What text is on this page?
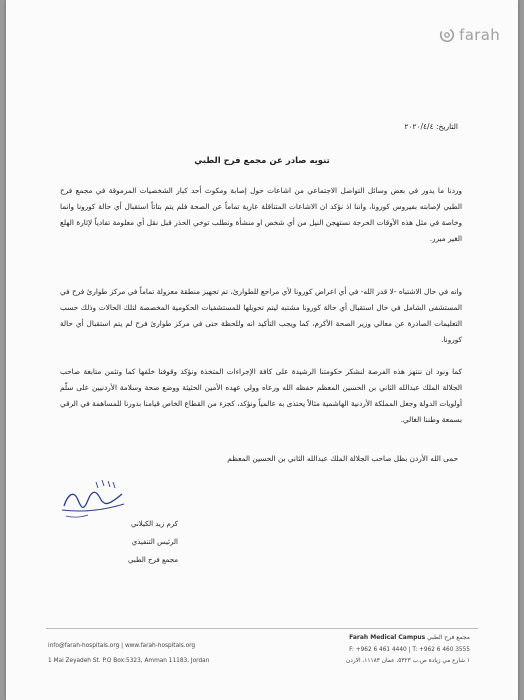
farah
التاريخ: ٢٠٢٠/٤/٤
تنويه صادر عن مجمع فرح الطبي
وردنا ما يدور في بعض وسائل التواصل الاجتماعي من اشاعات حول إصابة ومكوث أحد كبار الشخصيات المرموقة في مجمع فرح الطبي لإصابته بفيروس كورونا، واننا اذ نؤكد ان الاشاعات المتناقلة عارية تماماً عن الصحة فلم يتم بتاتاً استقبال أي حالة كورونا وانما وخاصة في مثل هذه الأوقات الحرجة نستهجن النيل من أي شخص او منشأة ونطلب توخي الحذر قبل نقل أي معلومة تفادياً لإثارة الهلع الغير مبرر.
وانه في حال الاشتباه -لا قدر الله- في أي اعراض كورونا لأي مراجع للطوارئ، تم تجهيز منطقة معزولة تماماً في مركز طوارئ فرح في المستشفى الشامل في حال استقبال أي حالة كورونا مشتبه ليتم تحويلها للمستشفيات الحكومية المخصصة لتلك الحالات وذلك حسب التعليمات الصادرة عن معالي وزير الصحة الأكرم، كما ويجب التأكيد انه وللحظة حتى في مركز طوارئ فرح لم يتم استقبال أي حالة كورونا.
كما ونود ان ننتهز هذه الفرصة لنشكر حكومتنا الرشيدة على كافة الإجراءات المتخذة ونؤكد وقوفنا خلفها كما وتثمن متابعة صاحب الجلالة الملك عبدالله الثاني بن الحسين المعظم حفظه الله ورعاه وولي عهده الأمين الحثيثة ووضع صحة وسلامة الأردنيين على سلّم أولويات الدولة وجعل المملكة الأردنية الهاشمية مثالاً يحتذى به عالمياً ونؤكد، كجزء من القطاع الخاص قيامنا بدورنا للمساهمة في الرقي بسمعة وطننا الغالي.
حمى الله الأردن بظل صاحب الجلالة الملك عبدالله الثاني بن الحسين المعظم
كرم زيد الكيلاني
الرئيس التنفيذي
مجمع فرح الطبي
info@farah-hospitals.org | www.farah-hospitals.org
1 Mai Zeyadeh St. P.O Box:5323, Amman 11183, Jordan
مجمع فرح الطبي Farah Medical Campus
F: +962 6 461 4440 | T: +962 6 460 3555
١ شارع مي زيادة ص.ب ٥٣٢٣، عمان ١١١٨٣، الاردن
